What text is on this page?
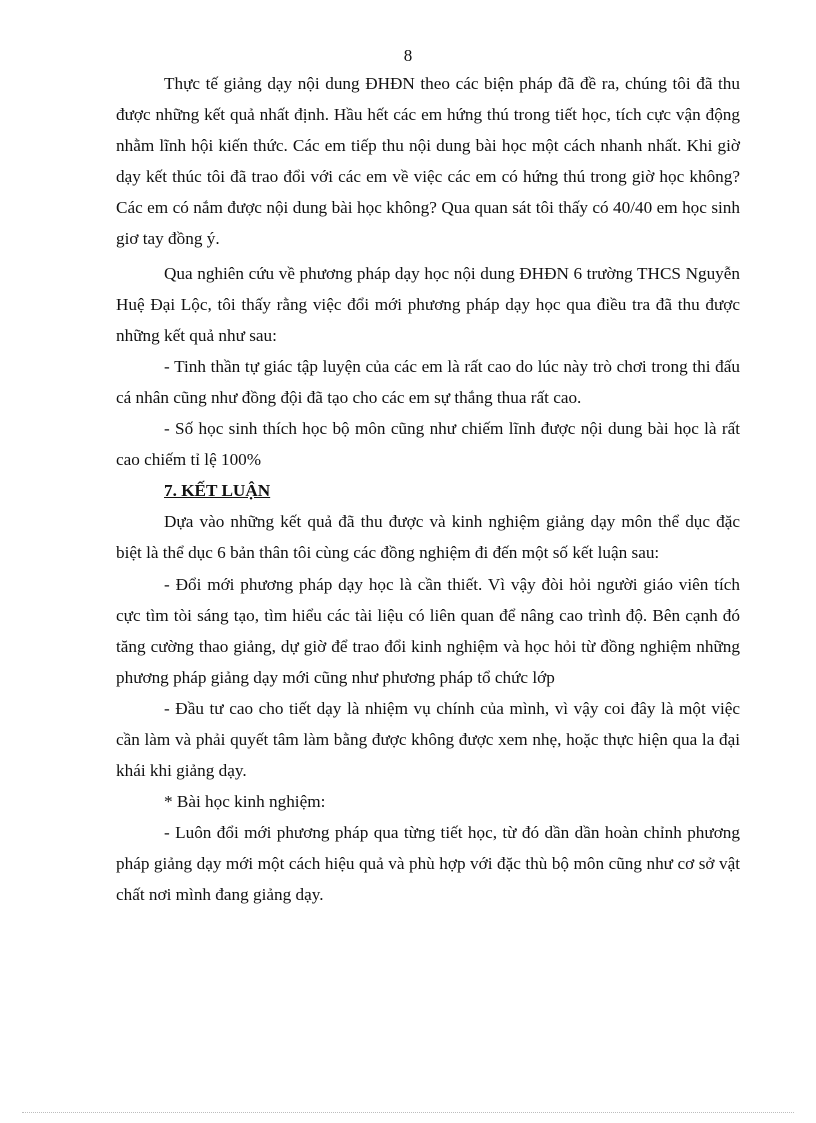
8

Thực tế giảng dạy nội dung ĐHĐN theo các biện pháp đã đề ra, chúng tôi đã thu được những kết quả nhất định. Hầu hết các em hứng thú trong tiết học, tích cực vận động nhằm lĩnh hội kiến thức. Các em tiếp thu nội dung bài học một cách nhanh nhất. Khi giờ dạy kết thúc tôi đã trao đổi với các em về việc các em có hứng thú trong giờ học không? Các em có nắm được nội dung bài học không? Qua quan sát tôi thấy có 40/40 em học sinh giơ tay đồng ý.

Qua nghiên cứu về phương pháp dạy học nội dung ĐHĐN 6 trường THCS Nguyễn Huệ Đại Lộc, tôi thấy rằng việc đổi mới phương pháp dạy học qua điều tra đã thu được những kết quả như sau:

- Tinh thần tự giác tập luyện của các em là rất cao do lúc này trò chơi trong thi đấu cá nhân cũng như đồng đội đã tạo cho các em sự thắng thua rất cao.

- Số học sinh thích học bộ môn cũng như chiếm lĩnh được nội dung bài học là rất cao chiếm tỉ lệ 100%

7. KẾT LUẬN

Dựa vào những kết quả đã thu được và kinh nghiệm giảng dạy môn thể dục đặc biệt là thể dục 6 bản thân tôi cùng các đồng nghiệm đi đến một số kết luận sau:

- Đổi mới phương pháp dạy học là cần thiết. Vì vậy đòi hỏi người giáo viên tích cực tìm tòi sáng tạo, tìm hiểu các tài liệu có liên quan để nâng cao trình độ. Bên cạnh đó tăng cường thao giảng, dự giờ để trao đổi kinh nghiệm và học hỏi từ đồng nghiệm những phương pháp giảng dạy mới cũng như phương pháp tổ chức lớp

- Đầu tư cao cho tiết dạy là nhiệm vụ chính của mình, vì vậy coi đây là một việc cần làm và phải quyết tâm làm bằng được không được xem nhẹ, hoặc thực hiện qua la đại khái khi giảng dạy.

* Bài học kinh nghiệm:

- Luôn đổi mới phương pháp qua từng tiết học, từ đó dần dần hoàn chỉnh phương pháp giảng dạy mới một cách hiệu quả và phù hợp với đặc thù bộ môn cũng như cơ sở vật chất nơi mình đang giảng dạy.
